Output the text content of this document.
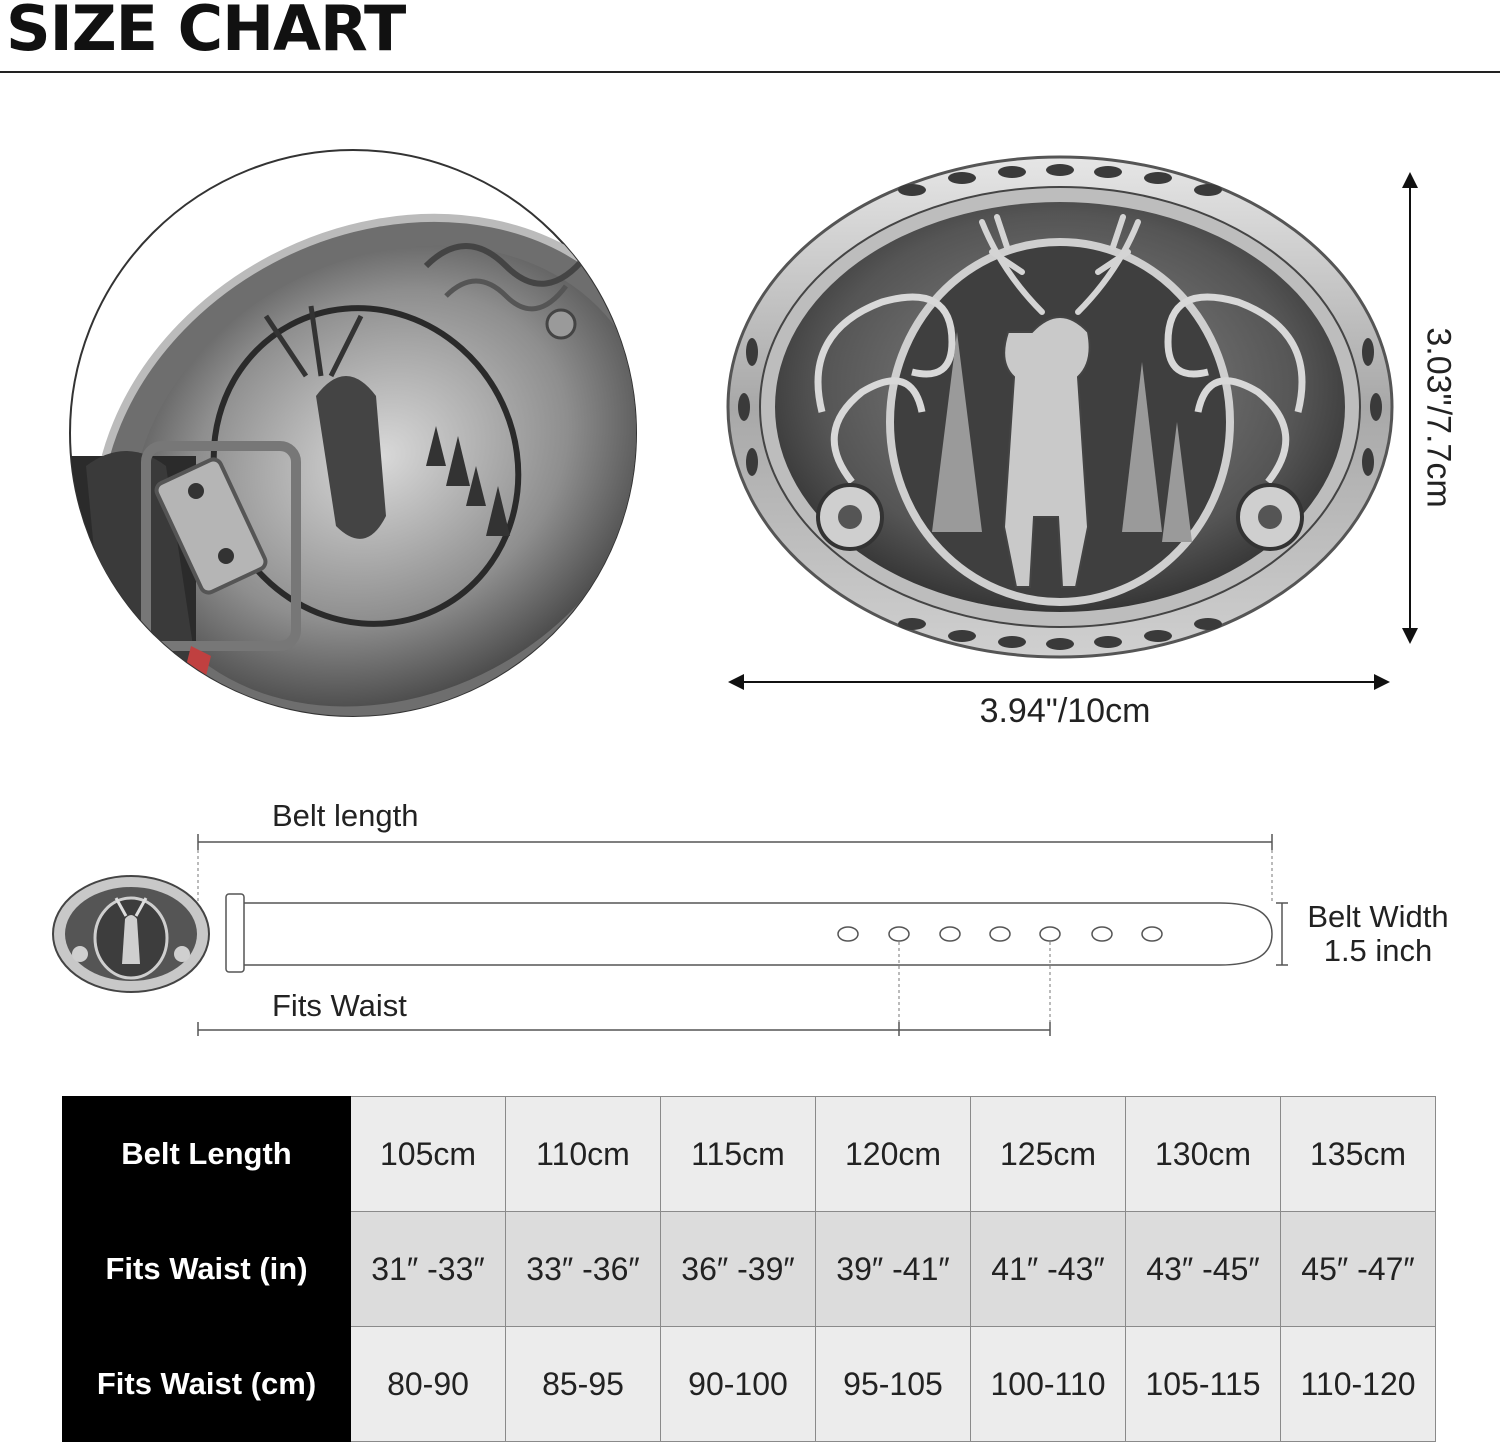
SIZE CHART
3.03"/7.7cm
3.94"/10cm
Belt length
Fits Waist
Belt Width
1.5 inch
Belt Length	105cm	110cm	115cm	120cm	125cm	130cm	135cm
Fits Waist (in)	31″ -33″	33″ -36″	36″ -39″	39″ -41″	41″ -43″	43″ -45″	45″ -47″
Fits Waist (cm)	80-90	85-95	90-100	95-105	100-110	105-115	110-120
